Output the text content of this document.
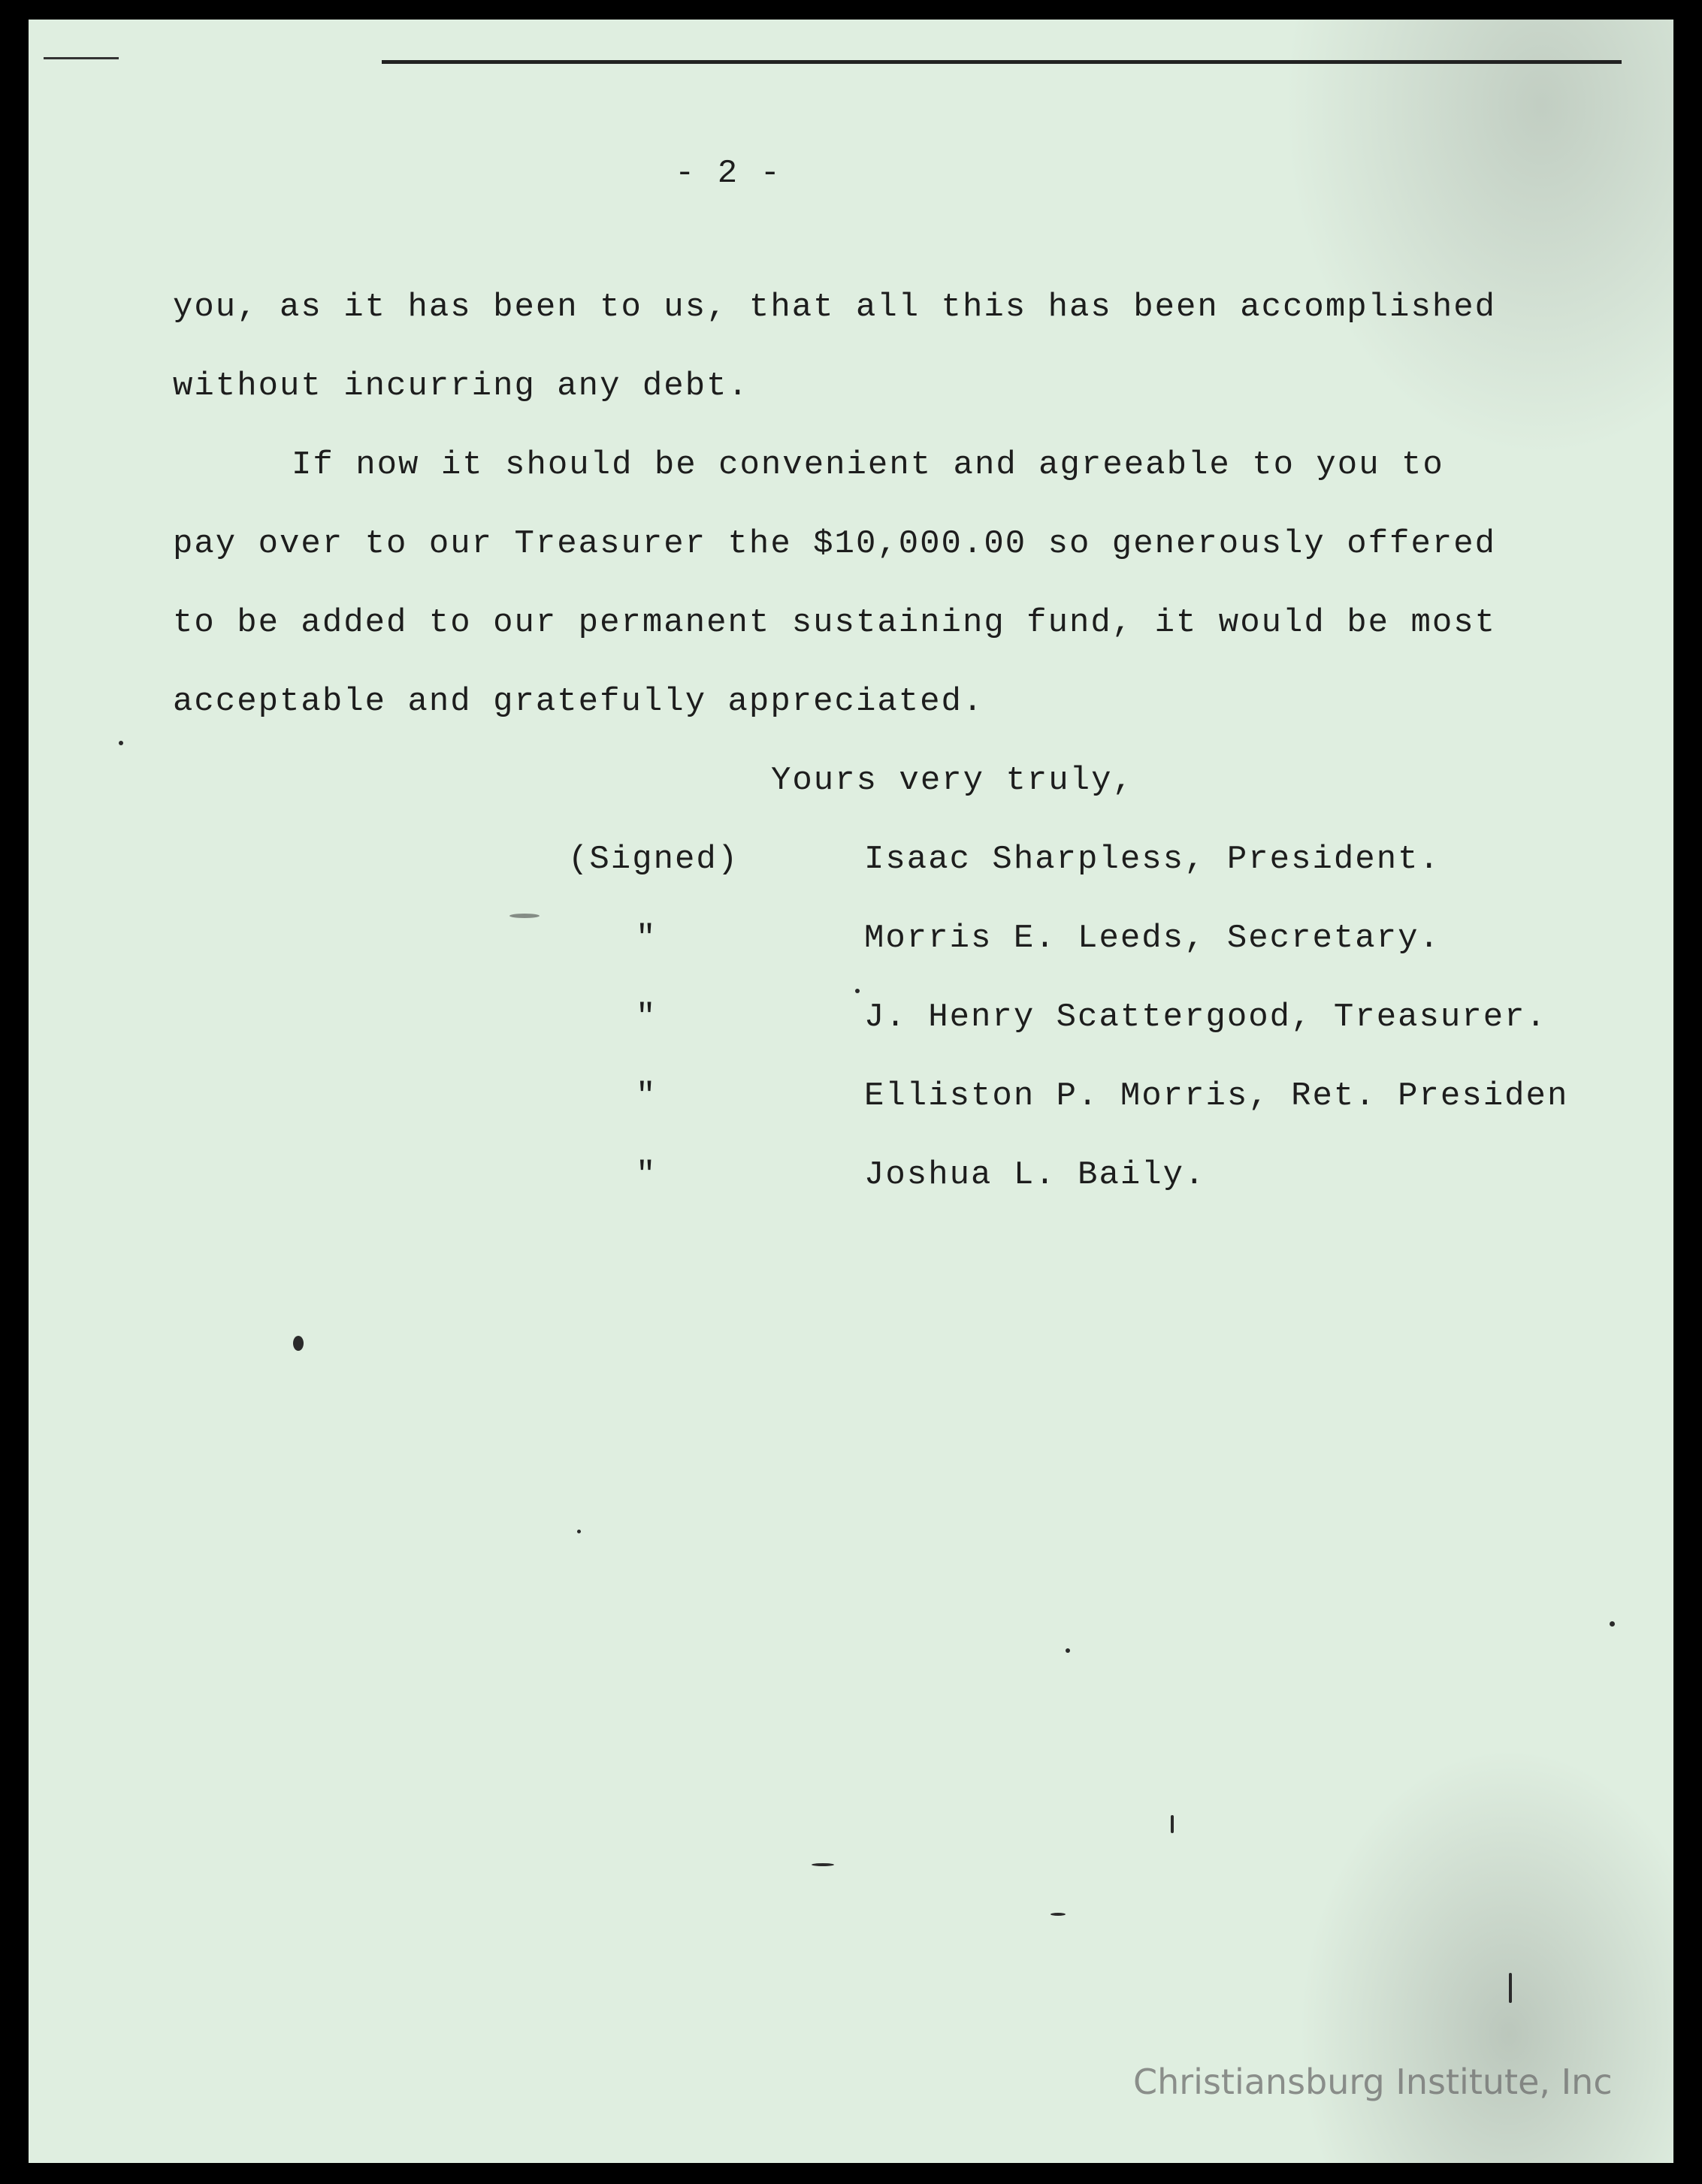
- 2 -
you, as it has been to us, that all this has been accomplished
without incurring any debt.
If now it should be convenient and agreeable to you to
pay over to our Treasurer the $10,000.00 so generously offered
to be added to our permanent sustaining fund, it would be most
acceptable and gratefully appreciated.
Yours very truly,
(Signed)	Isaac Sharpless, President.
"	Morris E. Leeds, Secretary.
"	J. Henry Scattergood, Treasurer.
"	Elliston P. Morris, Ret. Presiden
"	Joshua L. Baily.
Christiansburg Institute, Inc
